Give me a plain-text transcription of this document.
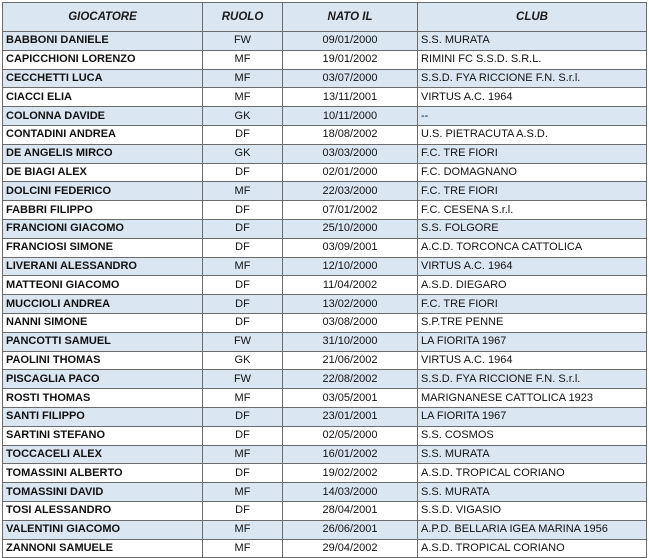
GIOCATORE	RUOLO	NATO IL	CLUB
BABBONI DANIELE	FW	09/01/2000	S.S. MURATA
CAPICCHIONI LORENZO	MF	19/01/2002	RIMINI FC S.S.D. S.R.L.
CECCHETTI LUCA	MF	03/07/2000	S.S.D. FYA RICCIONE F.N. S.r.l.
CIACCI ELIA	MF	13/11/2001	VIRTUS A.C. 1964
COLONNA DAVIDE	GK	10/11/2000	--
CONTADINI ANDREA	DF	18/08/2002	U.S. PIETRACUTA A.S.D.
DE ANGELIS MIRCO	GK	03/03/2000	F.C. TRE FIORI
DE BIAGI ALEX	DF	02/01/2000	F.C. DOMAGNANO
DOLCINI FEDERICO	MF	22/03/2000	F.C. TRE FIORI
FABBRI FILIPPO	DF	07/01/2002	F.C. CESENA S.r.l.
FRANCIONI GIACOMO	DF	25/10/2000	S.S. FOLGORE
FRANCIOSI SIMONE	DF	03/09/2001	A.C.D. TORCONCA CATTOLICA
LIVERANI ALESSANDRO	MF	12/10/2000	VIRTUS A.C. 1964
MATTEONI GIACOMO	DF	11/04/2002	A.S.D. DIEGARO
MUCCIOLI ANDREA	DF	13/02/2000	F.C. TRE FIORI
NANNI SIMONE	DF	03/08/2000	S.P.TRE PENNE
PANCOTTI SAMUEL	FW	31/10/2000	LA FIORITA 1967
PAOLINI THOMAS	GK	21/06/2002	VIRTUS A.C. 1964
PISCAGLIA PACO	FW	22/08/2002	S.S.D. FYA RICCIONE F.N. S.r.l.
ROSTI THOMAS	MF	03/05/2001	MARIGNANESE CATTOLICA 1923
SANTI FILIPPO	DF	23/01/2001	LA FIORITA 1967
SARTINI STEFANO	DF	02/05/2000	S.S. COSMOS
TOCCACELI ALEX	MF	16/01/2002	S.S. MURATA
TOMASSINI ALBERTO	DF	19/02/2002	A.S.D. TROPICAL CORIANO
TOMASSINI DAVID	MF	14/03/2000	S.S. MURATA
TOSI ALESSANDRO	DF	28/04/2001	S.S.D. VIGASIO
VALENTINI GIACOMO	MF	26/06/2001	A.P.D. BELLARIA IGEA MARINA 1956
ZANNONI SAMUELE	MF	29/04/2002	A.S.D. TROPICAL CORIANO
